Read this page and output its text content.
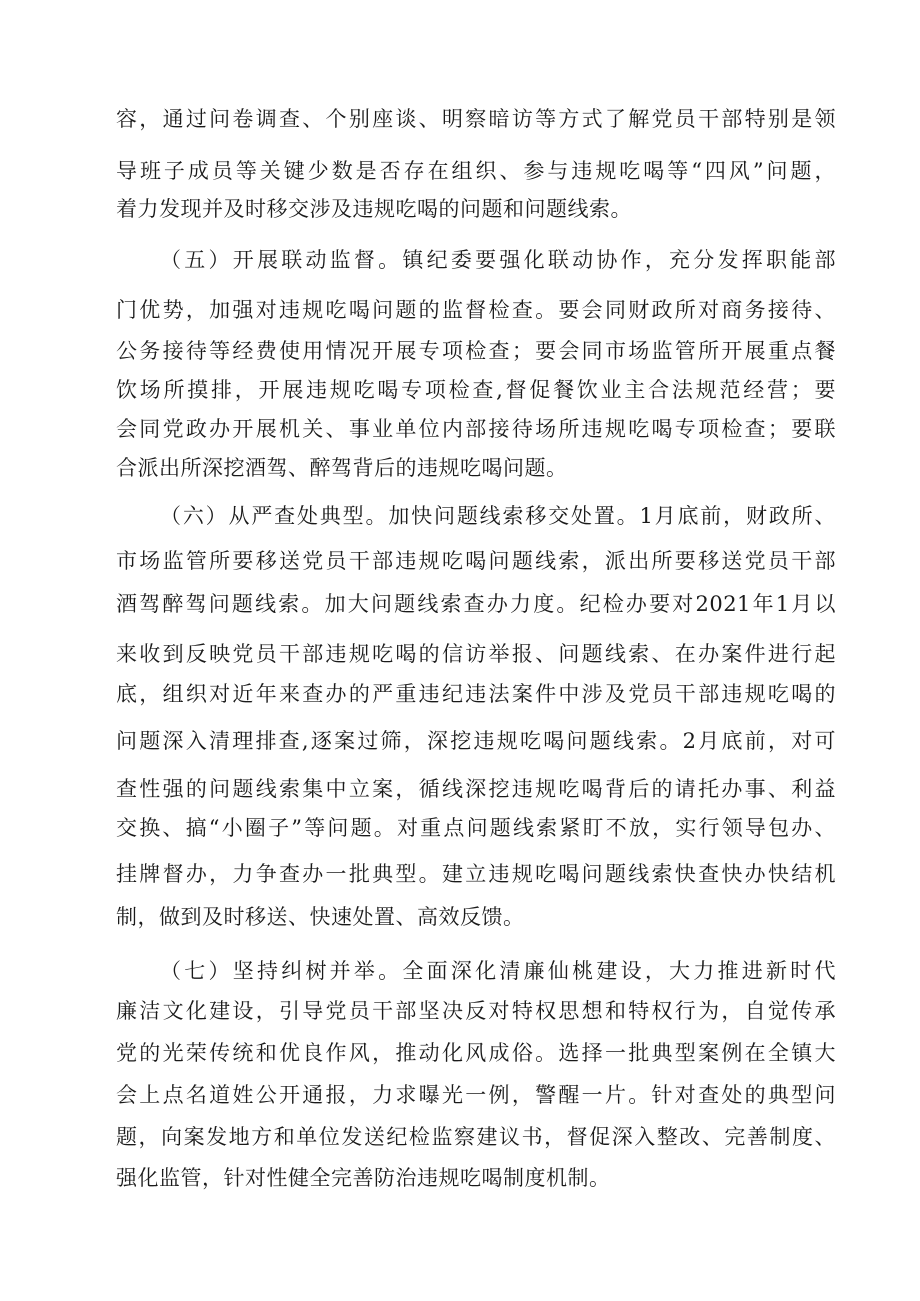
容，通过问卷调查、个别座谈、明察暗访等方式了解党员干部特别是领
导班子成员等关键少数是否存在组织、参与违规吃喝等“四风”问题，
着力发现并及时移交涉及违规吃喝的问题和问题线索。
（五）开展联动监督。镇纪委要强化联动协作，充分发挥职能部
门优势，加强对违规吃喝问题的监督检查。要会同财政所对商务接待、
公务接待等经费使用情况开展专项检查；要会同市场监管所开展重点餐
饮场所摸排，开展违规吃喝专项检查,督促餐饮业主合法规范经营；要
会同党政办开展机关、事业单位内部接待场所违规吃喝专项检查；要联
合派出所深挖酒驾、醉驾背后的违规吃喝问题。
（六）从严查处典型。加快问题线索移交处置。1月底前，财政所、
市场监管所要移送党员干部违规吃喝问题线索，派出所要移送党员干部
酒驾醉驾问题线索。加大问题线索查办力度。纪检办要对2021年1月以
来收到反映党员干部违规吃喝的信访举报、问题线索、在办案件进行起
底，组织对近年来查办的严重违纪违法案件中涉及党员干部违规吃喝的
问题深入清理排查,逐案过筛，深挖违规吃喝问题线索。2月底前，对可
查性强的问题线索集中立案，循线深挖违规吃喝背后的请托办事、利益
交换、搞“小圈子”等问题。对重点问题线索紧盯不放，实行领导包办、
挂牌督办，力争查办一批典型。建立违规吃喝问题线索快查快办快结机
制，做到及时移送、快速处置、高效反馈。
（七）坚持纠树并举。全面深化清廉仙桃建设，大力推进新时代
廉洁文化建设，引导党员干部坚决反对特权思想和特权行为，自觉传承
党的光荣传统和优良作风，推动化风成俗。选择一批典型案例在全镇大
会上点名道姓公开通报，力求曝光一例，警醒一片。针对查处的典型问
题，向案发地方和单位发送纪检监察建议书，督促深入整改、完善制度、
强化监管，针对性健全完善防治违规吃喝制度机制。
